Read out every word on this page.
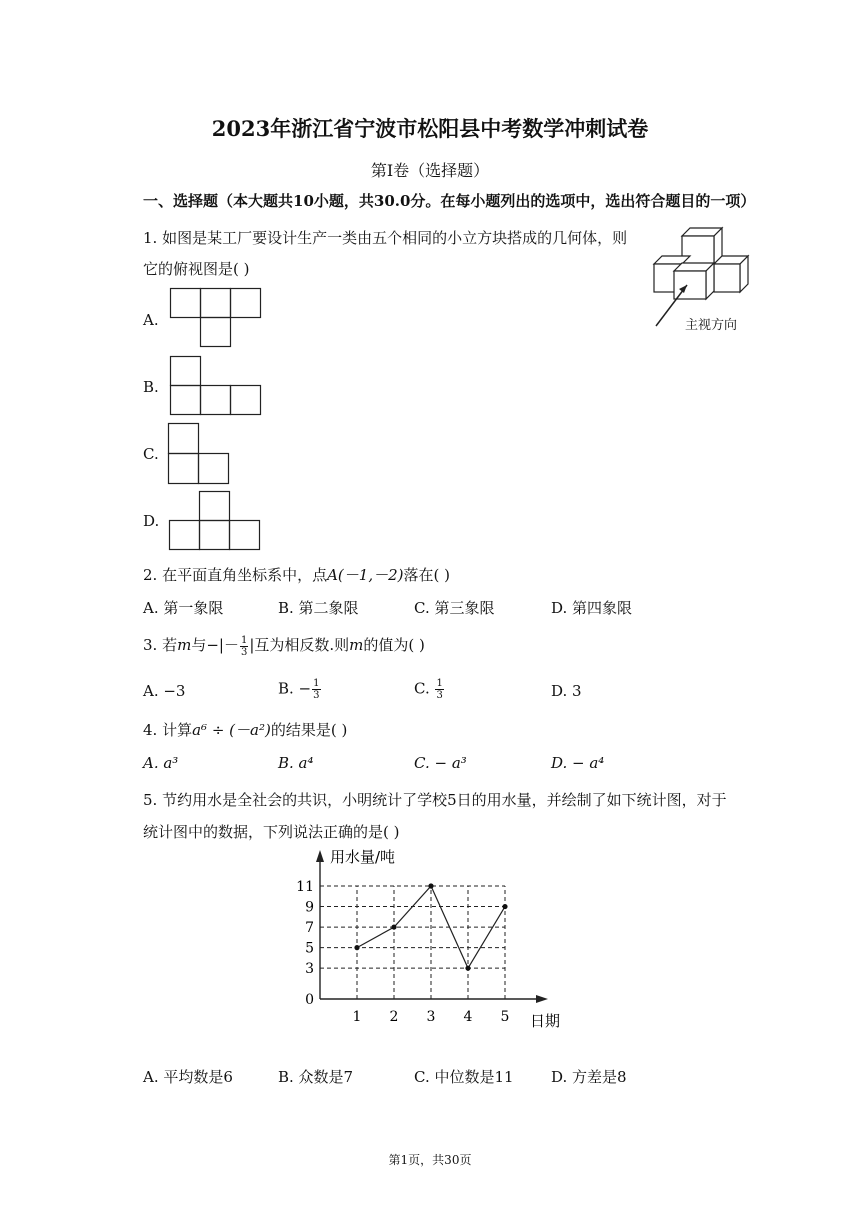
2023年浙江省宁波市松阳县中考数学冲刺试卷
第I卷（选择题）
一、选择题（本大题共10小题，共30.0分。在每小题列出的选项中，选出符合题目的一项）
1. 如图是某工厂要设计生产一类由五个相同的小立方块搭成的几何体，则
它的俯视图是( )
主视方向
A.
B.
C.
D.
2. 在平面直角坐标系中，点A(－1,－2)落在( )
A. 第一象限	B. 第二象限	C. 第三象限	D. 第四象限
3. 若m与−|－ $\frac{1}{3}$ |互为相反数.则m的值为( )
A. −3	B. − $\frac{1}{3}$	C. $\frac{1}{3}$	D. 3
4. 计算a⁶ ÷ (－a²)的结果是( )
A. a³	B. a⁴	C. − a³	D. − a⁴
5. 节约用水是全社会的共识，小明统计了学校5日的用水量，并绘制了如下统计图，对于
统计图中的数据，下列说法正确的是( )
0
3
5
7
9
11
1 2 3 4 5
用水量/吨
日期
A. 平均数是6	B. 众数是7	C. 中位数是11 D. 方差是8
第1页，共30页
